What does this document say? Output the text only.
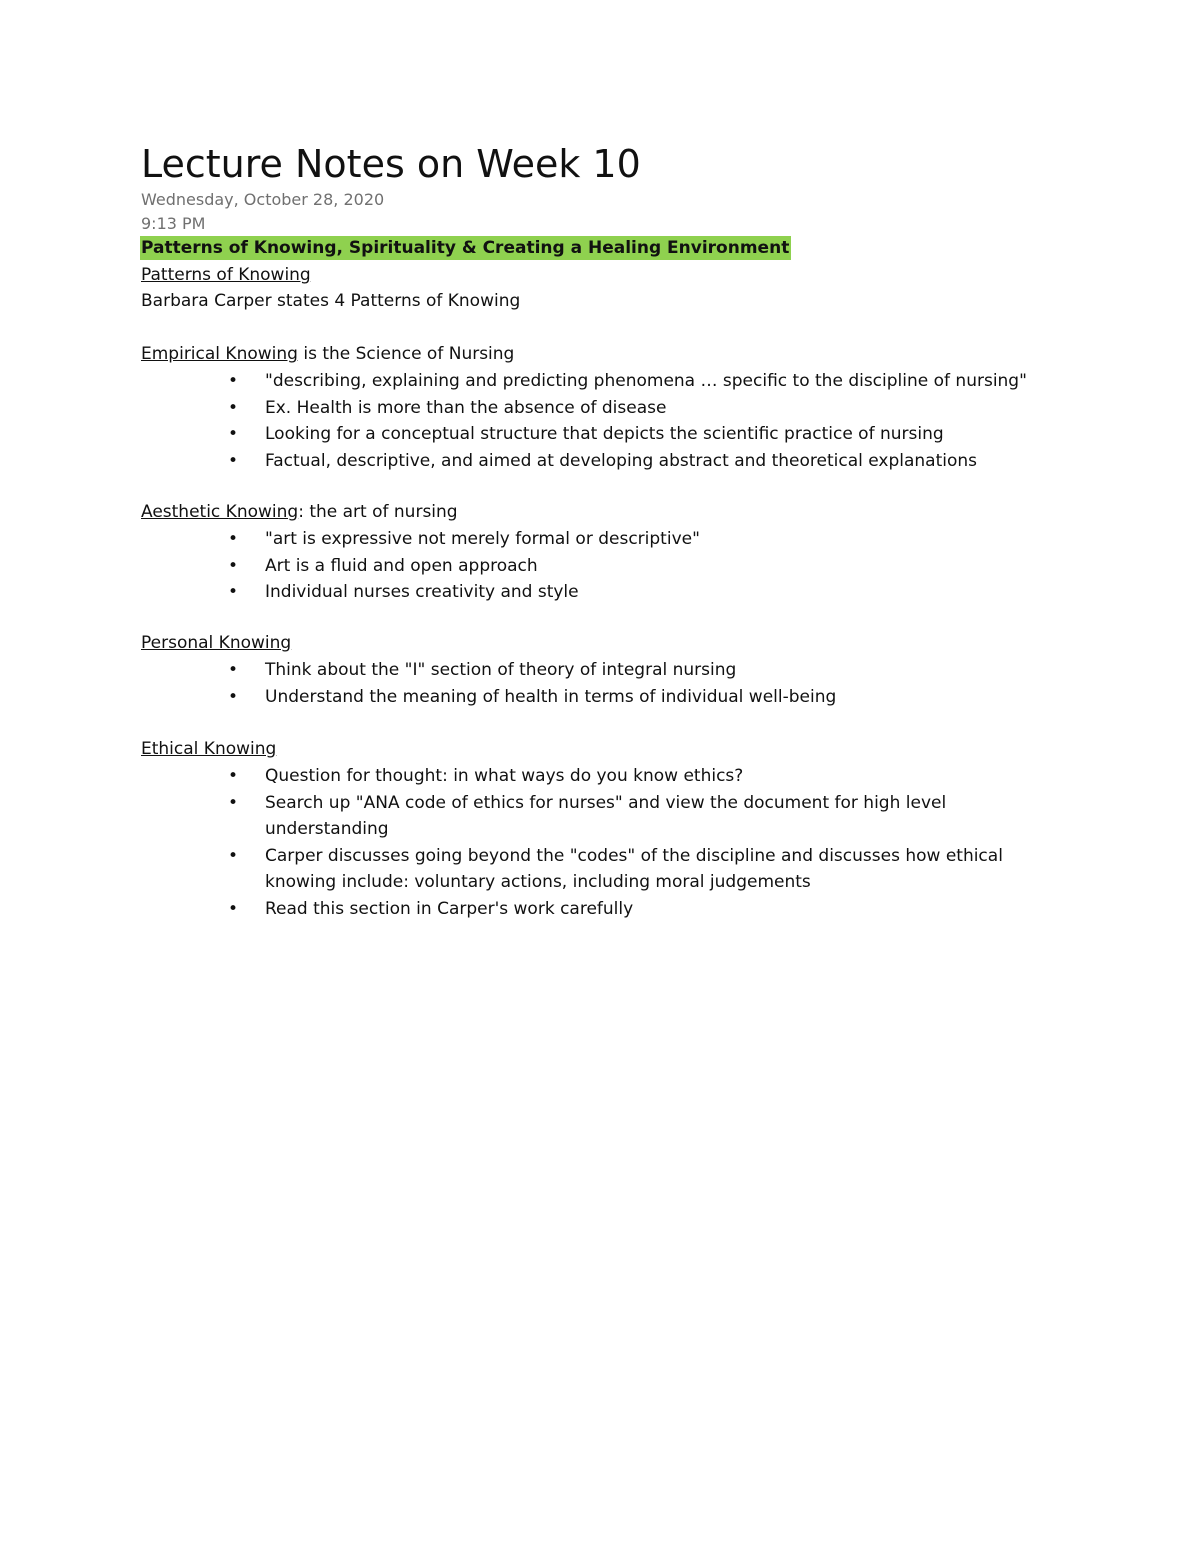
Lecture Notes on Week 10
Wednesday, October 28, 2020
9:13 PM
Patterns of Knowing, Spirituality & Creating a Healing Environment
Patterns of Knowing
Barbara Carper states 4 Patterns of Knowing
Empirical Knowing is the Science of Nursing
• "describing, explaining and predicting phenomena … specific to the discipline of nursing"
• Ex. Health is more than the absence of disease
• Looking for a conceptual structure that depicts the scientific practice of nursing
• Factual, descriptive, and aimed at developing abstract and theoretical explanations
Aesthetic Knowing: the art of nursing
• "art is expressive not merely formal or descriptive"
• Art is a fluid and open approach
• Individual nurses creativity and style
Personal Knowing
• Think about the "I" section of theory of integral nursing
• Understand the meaning of health in terms of individual well-being
Ethical Knowing
• Question for thought: in what ways do you know ethics?
• Search up "ANA code of ethics for nurses" and view the document for high level
understanding
• Carper discusses going beyond the "codes" of the discipline and discusses how ethical
knowing include: voluntary actions, including moral judgements
• Read this section in Carper's work carefully
